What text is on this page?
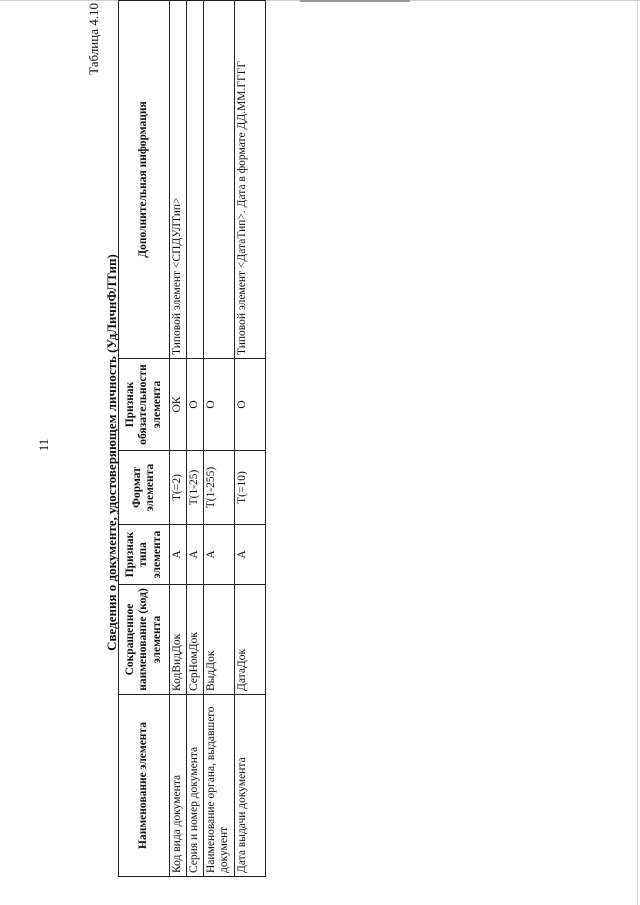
11
Таблица 4.10
Сведения о документе, удостоверяющем личность (УдЛичнФЛТип)
Наименование элемента	Сокращенное наименование (код) элемента	Признак типа элемента	Формат элемента	Признак обязательности элемента	Дополнительная информация
Код вида документа	КодВидДок	А	Т(=2)	ОК	Типовой элемент <СПДУЛТип>
Серия и номер документа	СерНомДок	А	Т(1-25)	О	
Наименование органа, выдавшего документ	ВыдДок	А	Т(1-255)	О	
Дата выдачи документа	ДатаДок	А	Т(=10)	О	Типовой элемент <ДатаТип>. Дата в формате ДД.ММ.ГГГГ
